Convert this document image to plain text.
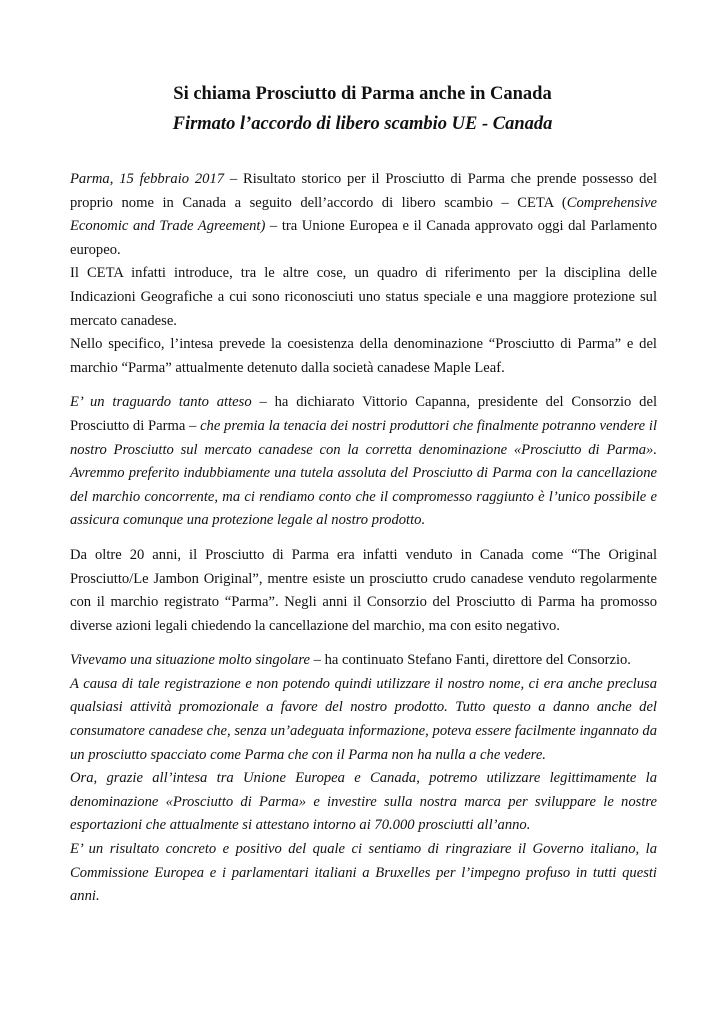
Si chiama Prosciutto di Parma anche in Canada
Firmato l’accordo di libero scambio UE - Canada

Parma, 15 febbraio 2017 – Risultato storico per il Prosciutto di Parma che prende possesso del proprio nome in Canada a seguito dell’accordo di libero scambio – CETA (Comprehensive Economic and Trade Agreement) – tra Unione Europea e il Canada approvato oggi dal Parlamento europeo.

Il CETA infatti introduce, tra le altre cose, un quadro di riferimento per la disciplina delle Indicazioni Geografiche a cui sono riconosciuti uno status speciale e una maggiore protezione sul mercato canadese.

Nello specifico, l’intesa prevede la coesistenza della denominazione “Prosciutto di Parma” e del marchio “Parma” attualmente detenuto dalla società canadese Maple Leaf.

E’ un traguardo tanto atteso – ha dichiarato Vittorio Capanna, presidente del Consorzio del Prosciutto di Parma – che premia la tenacia dei nostri produttori che finalmente potranno vendere il nostro Prosciutto sul mercato canadese con la corretta denominazione «Prosciutto di Parma». Avremmo preferito indubbiamente una tutela assoluta del Prosciutto di Parma con la cancellazione del marchio concorrente, ma ci rendiamo conto che il compromesso raggiunto è l’unico possibile e assicura comunque una protezione legale al nostro prodotto.

Da oltre 20 anni, il Prosciutto di Parma era infatti venduto in Canada come “The Original Prosciutto/Le Jambon Original”, mentre esiste un prosciutto crudo canadese venduto regolarmente con il marchio registrato “Parma”. Negli anni il Consorzio del Prosciutto di Parma ha promosso diverse azioni legali chiedendo la cancellazione del marchio, ma con esito negativo.

Vivevamo una situazione molto singolare – ha continuato Stefano Fanti, direttore del Consorzio.

A causa di tale registrazione e non potendo quindi utilizzare il nostro nome, ci era anche preclusa qualsiasi attività promozionale a favore del nostro prodotto. Tutto questo a danno anche del consumatore canadese che, senza un’adeguata informazione, poteva essere facilmente ingannato da un prosciutto spacciato come Parma che con il Parma non ha nulla a che vedere.

Ora, grazie all’intesa tra Unione Europea e Canada, potremo utilizzare legittimamente la denominazione «Prosciutto di Parma» e investire sulla nostra marca per sviluppare le nostre esportazioni che attualmente si attestano intorno ai 70.000 prosciutti all’anno.

E’ un risultato concreto e positivo del quale ci sentiamo di ringraziare il Governo italiano, la Commissione Europea e i parlamentari italiani a Bruxelles per l’impegno profuso in tutti questi anni.
